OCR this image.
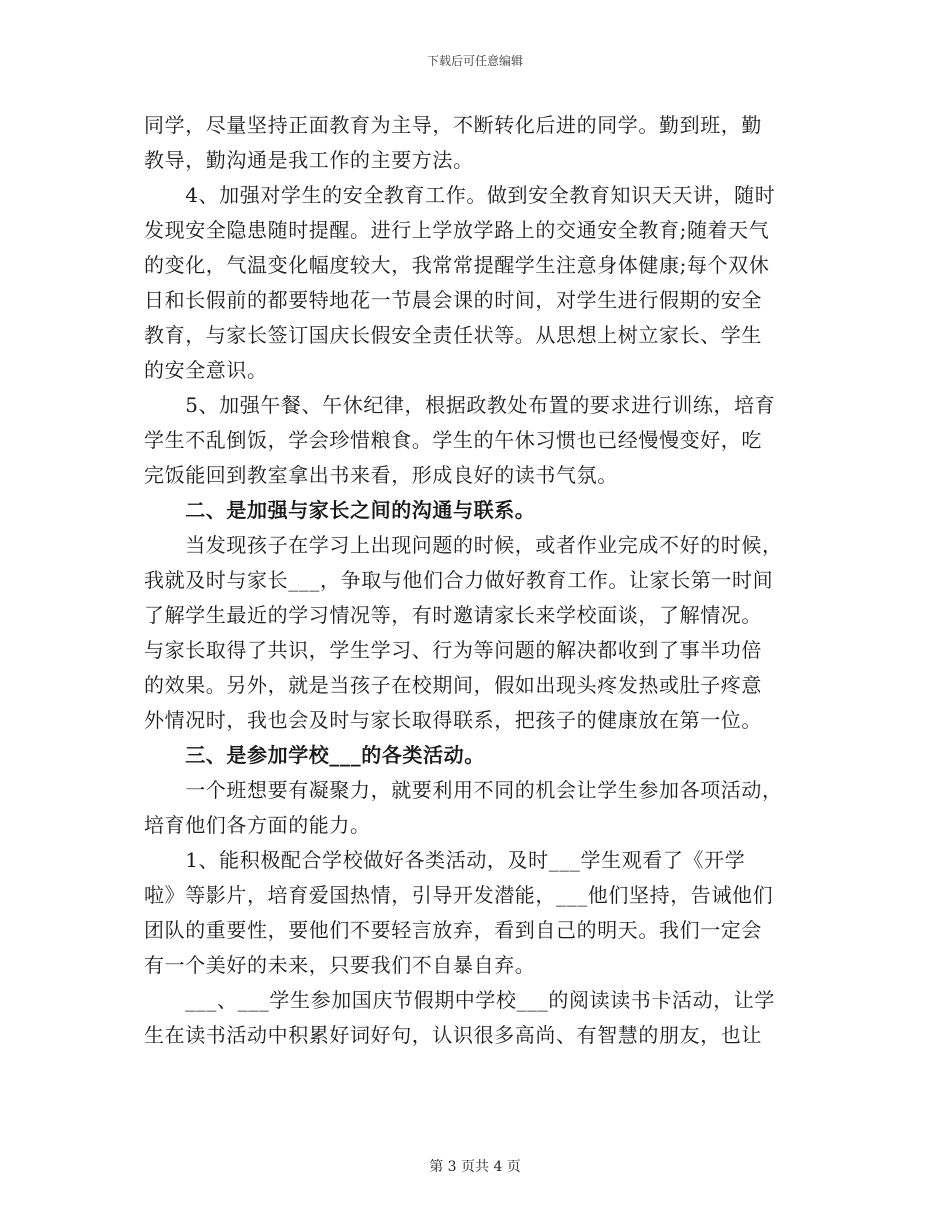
下载后可任意编辑
同学，尽量坚持正面教育为主导，不断转化后进的同学。勤到班，勤
教导，勤沟通是我工作的主要方法。
　　4、加强对学生的安全教育工作。做到安全教育知识天天讲，随时
发现安全隐患随时提醒。进行上学放学路上的交通安全教育;随着天气
的变化，气温变化幅度较大，我常常提醒学生注意身体健康;每个双休
日和长假前的都要特地花一节晨会课的时间，对学生进行假期的安全
教育，与家长签订国庆长假安全责任状等。从思想上树立家长、学生
的安全意识。
　　5、加强午餐、午休纪律，根据政教处布置的要求进行训练，培育
学生不乱倒饭，学会珍惜粮食。学生的午休习惯也已经慢慢变好，吃
完饭能回到教室拿出书来看，形成良好的读书气氛。
　　二、是加强与家长之间的沟通与联系。
　　当发现孩子在学习上出现问题的时候，或者作业完成不好的时候，
我就及时与家长___，争取与他们合力做好教育工作。让家长第一时间
了解学生最近的学习情况等，有时邀请家长来学校面谈，了解情况。
与家长取得了共识，学生学习、行为等问题的解决都收到了事半功倍
的效果。另外，就是当孩子在校期间，假如出现头疼发热或肚子疼意
外情况时，我也会及时与家长取得联系，把孩子的健康放在第一位。
　　三、是参加学校___的各类活动。
　　一个班想要有凝聚力，就要利用不同的机会让学生参加各项活动，
培育他们各方面的能力。
　　1、能积极配合学校做好各类活动，及时___学生观看了《开学
啦》等影片，培育爱国热情，引导开发潜能，___他们坚持，告诫他们
团队的重要性，要他们不要轻言放弃，看到自己的明天。我们一定会
有一个美好的未来，只要我们不自暴自弃。
　　___、___学生参加国庆节假期中学校___的阅读读书卡活动，让学
生在读书活动中积累好词好句，认识很多高尚、有智慧的朋友，也让
第 3 页共 4 页
